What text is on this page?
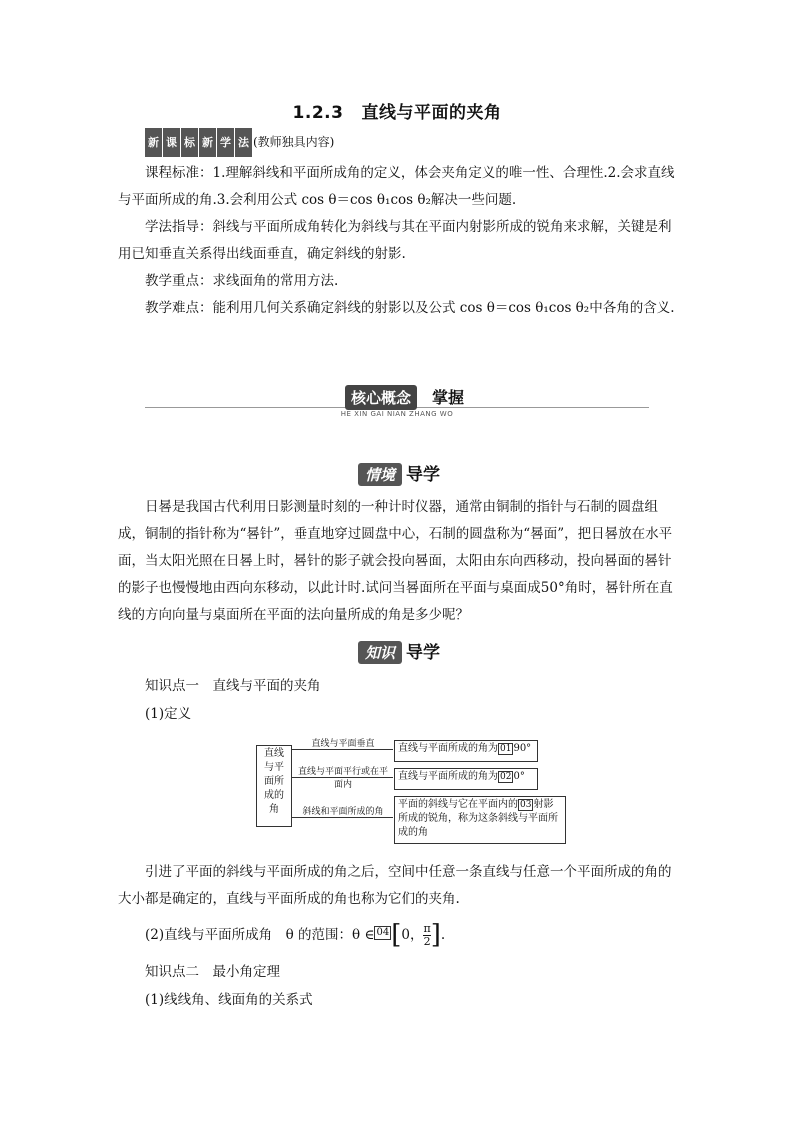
1.2.3 直线与平面的夹角
新 课 标 新 学 法 (教师独具内容)
课程标准：1.理解斜线和平面所成角的定义，体会夹角定义的唯一性、合理性.2.会求直线与平面所成的角.3.会利用公式 cos θ＝cos θ₁cos θ₂解决一些问题.
学法指导：斜线与平面所成角转化为斜线与其在平面内射影所成的锐角来求解，关键是利用已知垂直关系得出线面垂直，确定斜线的射影.
教学重点：求线面角的常用方法.
教学难点：能利用几何关系确定斜线的射影以及公式 cos θ＝cos θ₁cos θ₂中各角的含义.
核心概念	掌握
HE XIN GAI NIAN ZHANG WO
情境 导学
日晷是我国古代利用日影测量时刻的一种计时仪器，通常由铜制的指针与石制的圆盘组成，铜制的指针称为“晷针”，垂直地穿过圆盘中心，石制的圆盘称为“晷面”，把日晷放在水平面，当太阳光照在日晷上时，晷针的影子就会投向晷面，太阳由东向西移动，投向晷面的晷针的影子也慢慢地由西向东移动，以此计时.试问当晷面所在平面与桌面成50°角时，晷针所在直线的方向向量与桌面所在平面的法向量所成的角是多少呢？
知识 导学
知识点一　直线与平面的夹角
(1)定义
直线
与平
面所
成的
角
直线与平面垂直
直线与平面平行或在平面内
斜线和平面所成的角
直线与平面所成的角为 01 90°
直线与平面所成的角为 02 0°
平面的斜线与它在平面内的 03 射影所成的锐角，称为这条斜线与平面所成的角
引进了平面的斜线与平面所成的角之后，空间中任意一条直线与任意一个平面所成的角的大小都是确定的，直线与平面所成的角也称为它们的夹角.
(2)直线与平面所成角　θ 的范围：θ ∈ 04[0， $\frac{\pi}{2}$ ].
知识点二　最小角定理
(1)线线角、线面角的关系式
